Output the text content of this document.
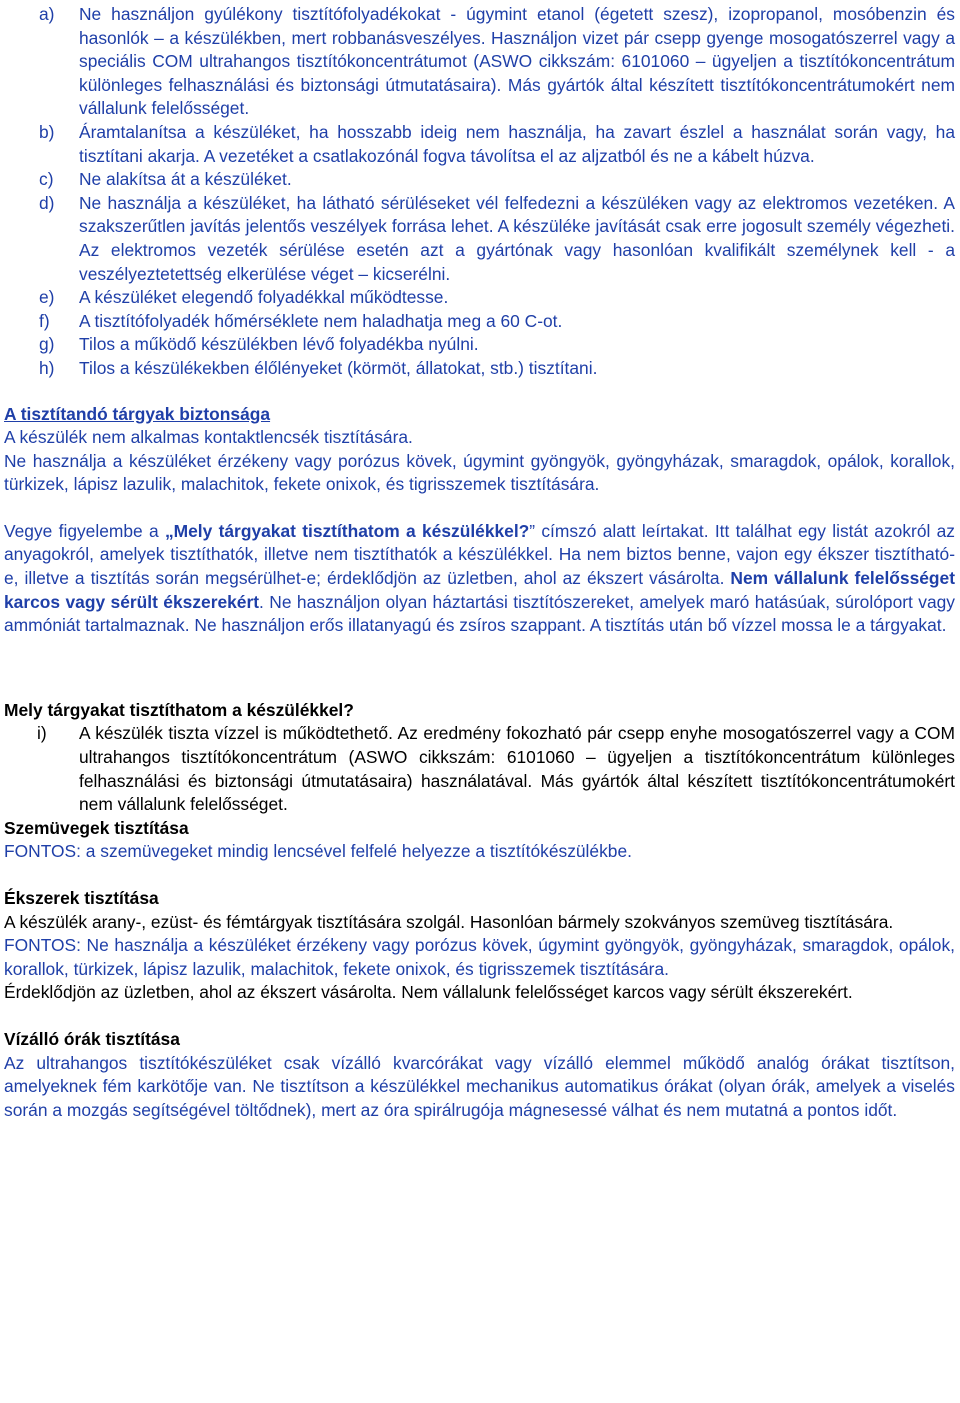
a)	Ne használjon gyúlékony tisztítófolyadékokat - úgymint etanol (égetett szesz), izopropanol, mosóbenzin és hasonlók – a készülékben, mert robbanásveszélyes. Használjon vizet pár csepp gyenge mosogatószerrel vagy a speciális COM ultrahangos tisztítókoncentrátumot (ASWO cikkszám: 6101060 – ügyeljen a tisztítókoncentrátum különleges felhasználási és biztonsági útmutatásaira). Más gyártók által készített tisztítókoncentrátumokért nem vállalunk felelősséget.
b)	Áramtalanítsa a készüléket, ha hosszabb ideig nem használja, ha zavart észlel a használat során vagy, ha tisztítani akarja. A vezetéket a csatlakozónál fogva távolítsa el az aljzatból és ne a kábelt húzva.
c)	Ne alakítsa át a készüléket.
d)	Ne használja a készüléket, ha látható sérüléseket vél felfedezni a készüléken vagy az elektromos vezetéken. A szakszerűtlen javítás jelentős veszélyek forrása lehet. A készüléke javítását csak erre jogosult személy végezheti. Az elektromos vezeték sérülése esetén azt a gyártónak vagy hasonlóan kvalifikált személynek kell - a veszélyeztetettség elkerülése véget – kicserélni.
e)	A készüléket elegendő folyadékkal működtesse.
f)	A tisztítófolyadék hőmérséklete nem haladhatja meg a 60 C-ot.
g)	Tilos a működő készülékben lévő folyadékba nyúlni.
h)	Tilos a készülékekben élőlényeket (körmöt, állatokat, stb.) tisztítani.

A tisztítandó tárgyak biztonsága

A készülék nem alkalmas kontaktlencsék tisztítására.

Ne használja a készüléket érzékeny vagy porózus kövek, úgymint gyöngyök, gyöngyházak, smaragdok, opálok, korallok, türkizek, lápisz lazulik, malachitok, fekete onixok, és tigrisszemek tisztítására.

Vegye figyelembe a „Mely tárgyakat tisztíthatom a készülékkel?” címszó alatt leírtakat. Itt találhat egy listát azokról az anyagokról, amelyek tisztíthatók, illetve nem tisztíthatók a készülékkel. Ha nem biztos benne, vajon egy ékszer tisztítható-e, illetve a tisztítás során megsérülhet-e; érdeklődjön az üzletben, ahol az ékszert vásárolta. Nem vállalunk felelősséget karcos vagy sérült ékszerekért. Ne használjon olyan háztartási tisztítószereket, amelyek maró hatásúak, súrolóport vagy ammóniát tartalmaznak. Ne használjon erős illatanyagú és zsíros szappant. A tisztítás után bő vízzel mossa le a tárgyakat.

Mely tárgyakat tisztíthatom a készülékkel?

i)	A készülék tiszta vízzel is működtethető. Az eredmény fokozható pár csepp enyhe mosogatószerrel vagy a COM ultrahangos tisztítókoncentrátum (ASWO cikkszám: 6101060 – ügyeljen a tisztítókoncentrátum különleges felhasználási és biztonsági útmutatásaira) használatával. Más gyártók által készített tisztítókoncentrátumokért nem vállalunk felelősséget.

Szemüvegek tisztítása

FONTOS: a szemüvegeket mindig lencsével felfelé helyezze a tisztítókészülékbe.

Ékszerek tisztítása

A készülék arany-, ezüst- és fémtárgyak tisztítására szolgál. Hasonlóan bármely szokványos szemüveg tisztítására.

FONTOS: Ne használja a készüléket érzékeny vagy porózus kövek, úgymint gyöngyök, gyöngyházak, smaragdok, opálok, korallok, türkizek, lápisz lazulik, malachitok, fekete onixok, és tigrisszemek tisztítására.

Érdeklődjön az üzletben, ahol az ékszert vásárolta. Nem vállalunk felelősséget karcos vagy sérült ékszerekért.

Vízálló órák tisztítása

Az ultrahangos tisztítókészüléket csak vízálló kvarcórákat vagy vízálló elemmel működő analóg órákat tisztítson, amelyeknek fém karkötője van. Ne tisztítson a készülékkel mechanikus automatikus órákat (olyan órák, amelyek a viselés során a mozgás segítségével töltődnek), mert az óra spirálrugója mágnesessé válhat és nem mutatná a pontos időt.
